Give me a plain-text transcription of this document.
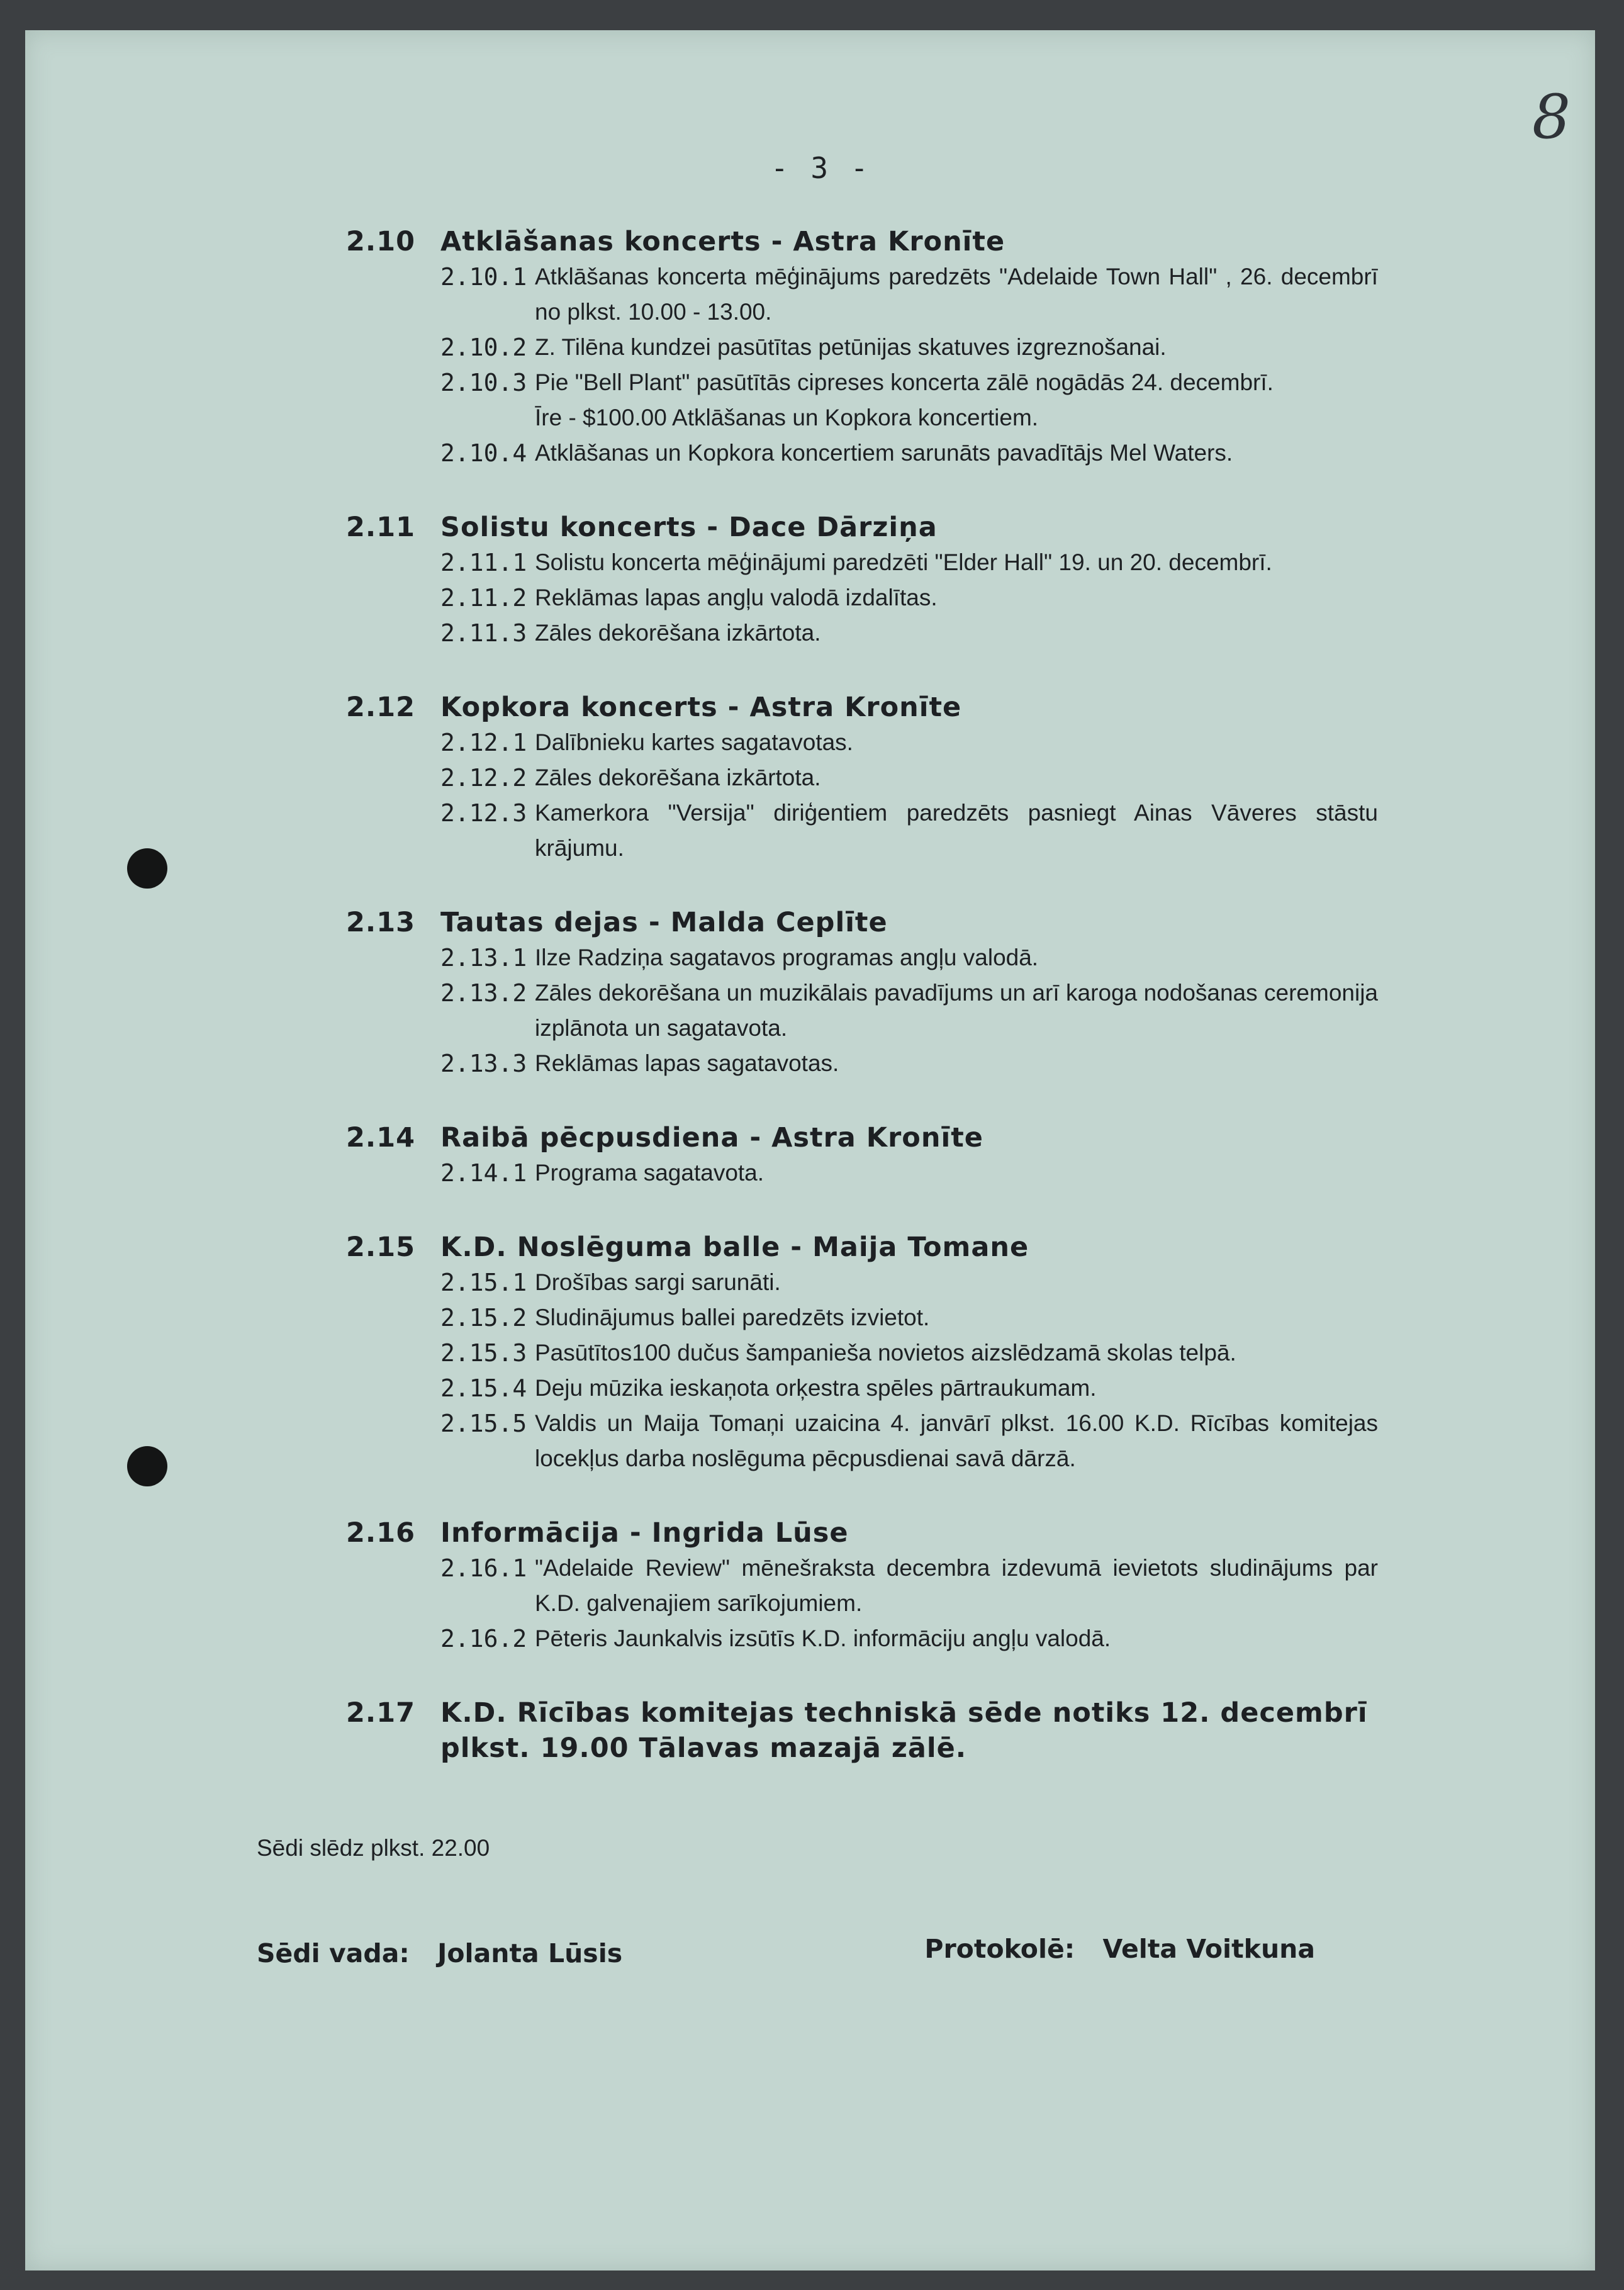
8
- 3 -
2.10 Atklāšanas koncerts - Astra Kronīte
2.10.1 Atklāšanas koncerta mēģinājums paredzēts "Adelaide Town Hall" , 26. decembrī no plkst. 10.00 - 13.00.
2.10.2 Z. Tilēna kundzei pasūtītas petūnijas skatuves izgreznošanai.
2.10.3 Pie "Bell Plant" pasūtītās cipreses koncerta zālē nogādās 24. decembrī.
Īre - $100.00 Atklāšanas un Kopkora koncertiem.
2.10.4 Atklāšanas un Kopkora koncertiem sarunāts pavadītājs Mel Waters.
2.11 Solistu koncerts - Dace Dārziņa
2.11.1 Solistu koncerta mēģinājumi paredzēti "Elder Hall" 19. un 20. decembrī.
2.11.2 Reklāmas lapas angļu valodā izdalītas.
2.11.3 Zāles dekorēšana izkārtota.
2.12 Kopkora koncerts - Astra Kronīte
2.12.1 Dalībnieku kartes sagatavotas.
2.12.2 Zāles dekorēšana izkārtota.
2.12.3 Kamerkora "Versija" diriģentiem paredzēts pasniegt Ainas Vāveres stāstu krājumu.
2.13 Tautas dejas - Malda Ceplīte
2.13.1 Ilze Radziņa sagatavos programas angļu valodā.
2.13.2 Zāles dekorēšana un muzikālais pavadījums un arī karoga nodošanas ceremonija izplānota un sagatavota.
2.13.3 Reklāmas lapas sagatavotas.
2.14 Raibā pēcpusdiena - Astra Kronīte
2.14.1 Programa sagatavota.
2.15 K.D. Noslēguma balle - Maija Tomane
2.15.1 Drošības sargi sarunāti.
2.15.2 Sludinājumus ballei paredzēts izvietot.
2.15.3 Pasūtītos100 dučus šampanieša novietos aizslēdzamā skolas telpā.
2.15.4 Deju mūzika ieskaņota orķestra spēles pārtraukumam.
2.15.5 Valdis un Maija Tomaņi uzaicina 4. janvārī plkst. 16.00 K.D. Rīcības komitejas locekļus darba noslēguma pēcpusdienai savā dārzā.
2.16 Informācija - Ingrida Lūse
2.16.1 "Adelaide Review" mēnešraksta decembra izdevumā ievietots sludinājums par K.D. galvenajiem sarīkojumiem.
2.16.2 Pēteris Jaunkalvis izsūtīs K.D. informāciju angļu valodā.
2.17 K.D. Rīcības komitejas techniskā sēde notiks 12. decembrī plkst. 19.00 Tālavas mazajā zālē.
Sēdi slēdz plkst. 22.00
Sēdi vada: Jolanta Lūsis	Protokolē: Velta Voitkuna
